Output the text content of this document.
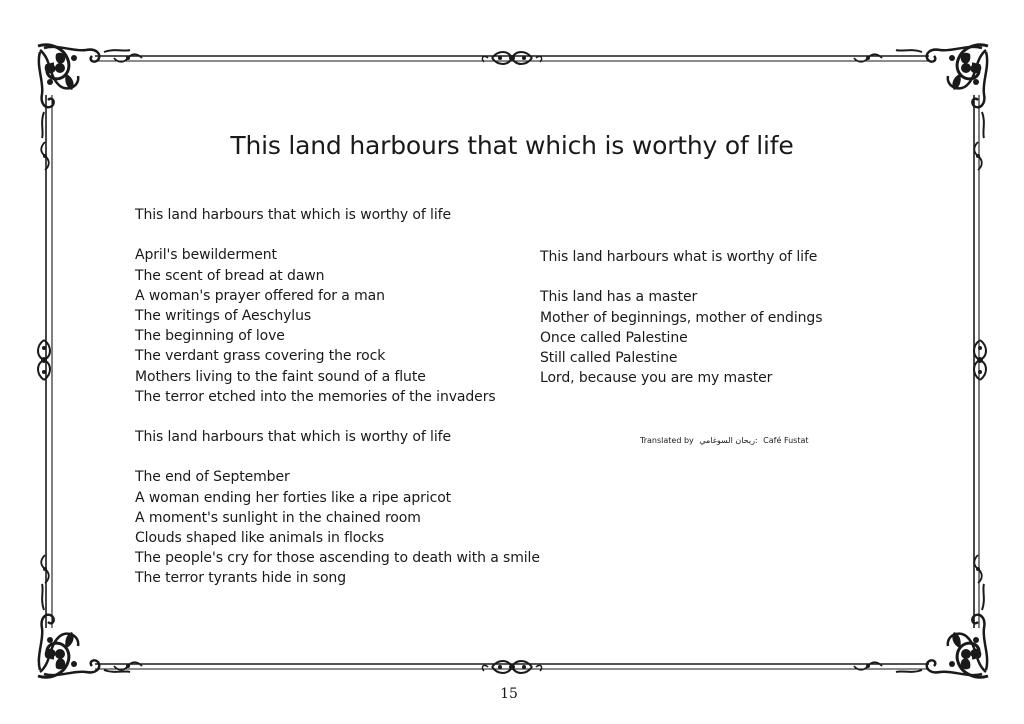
This land harbours that which is worthy of life
This land harbours that which is worthy of life
April's bewilderment
The scent of bread at dawn
A woman's prayer offered for a man
The writings of Aeschylus
The beginning of love
The verdant grass covering the rock
Mothers living to the faint sound of a flute
The terror etched into the memories of the invaders
This land harbours that which is worthy of life
The end of September
A woman ending her forties like a ripe apricot
A moment's sunlight in the chained room
Clouds shaped like animals in flocks
The people's cry for those ascending to death with a smile
The terror tyrants hide in song
This land harbours what is worthy of life
This land has a master
Mother of beginnings, mother of endings
Once called Palestine
Still called Palestine
Lord, because you are my master
Translated by :ريحان السوغامي Café Fustat
15
